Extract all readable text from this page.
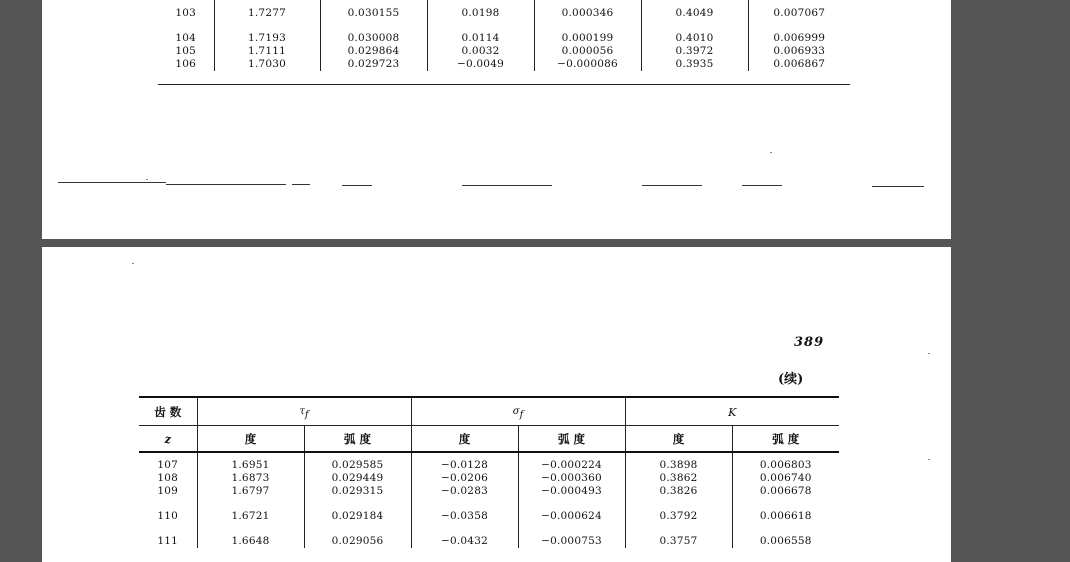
103	1.7277	0.030155	0.0198	0.000346	0.4049	0.007067

104	1.7193	0.030008	0.0114	0.000199	0.4010	0.006999
105	1.7111	0.029864	0.0032	0.000056	0.3972	0.006933
106	1.7030	0.029723	−0.0049	−0.000086	0.3935	0.006867
389
(续)
齿 数	$\tau_f$		$\sigma_f$		K	
z	度	弧 度	度	弧 度	度	弧 度

107	1.6951	0.029585	−0.0128	−0.000224	0.3898	0.006803
108	1.6873	0.029449	−0.0206	−0.000360	0.3862	0.006740
109	1.6797	0.029315	−0.0283	−0.000493	0.3826	0.006678

110	1.6721	0.029184	−0.0358	−0.000624	0.3792	0.006618

111	1.6648	0.029056	−0.0432	−0.000753	0.3757	0.006558
